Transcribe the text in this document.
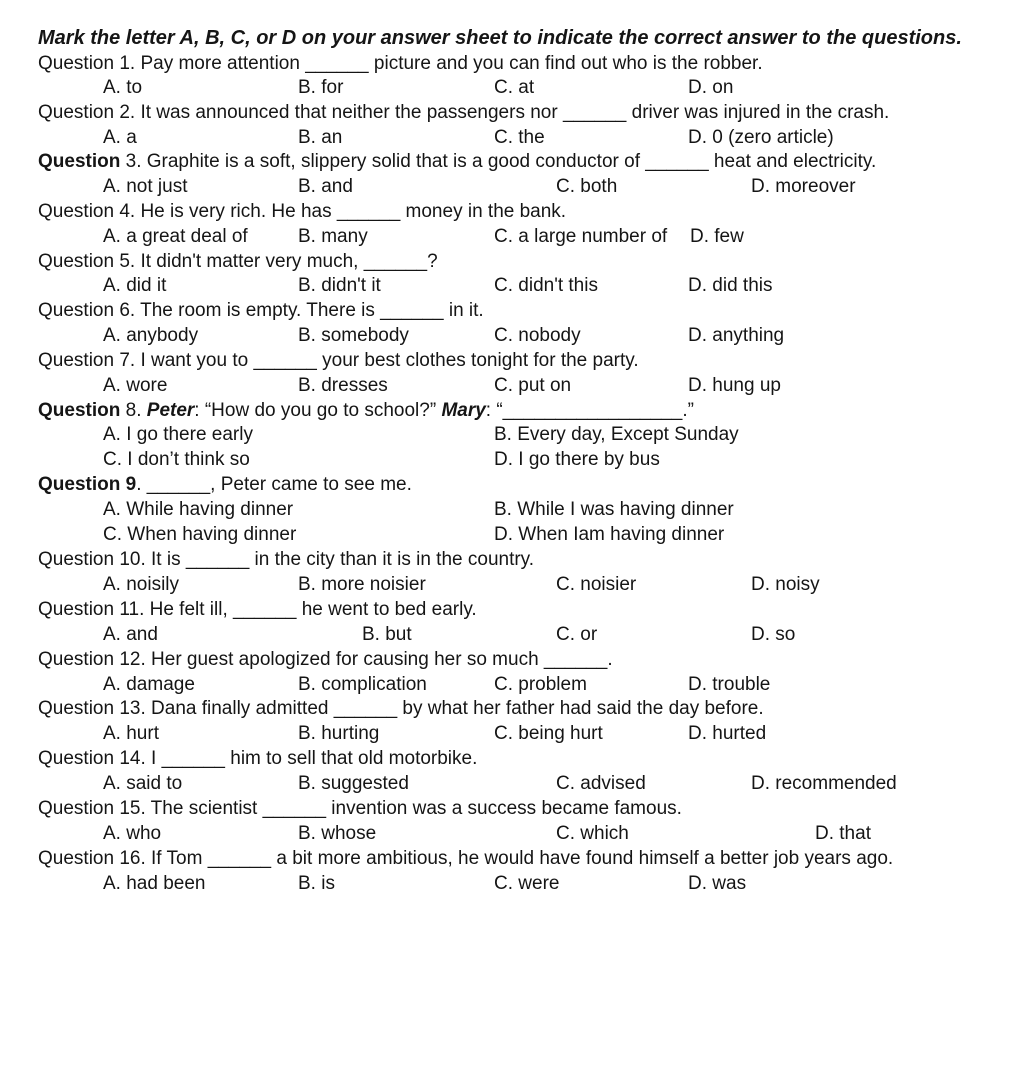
Mark the letter A, B, C, or D on your answer sheet to indicate the correct answer to the questions.
Question 1. Pay more attention ______ picture and you can find out who is the robber.
A. to	B. for	C. at	D. on
Question 2. It was announced that neither the passengers nor ______ driver was injured in the crash.
A. a	B. an	C. the	D. 0 (zero article)
Question 3. Graphite is a soft, slippery solid that is a good conductor of ______ heat and electricity.
A. not just	B. and	C. both	D. moreover
Question 4. He is very rich. He has ______ money in the bank.
A. a great deal of	B. many	C. a large number of D. few
Question 5. It didn't matter very much, ______?
A. did it	B. didn't it	C. didn't this	D. did this
Question 6. The room is empty. There is ______ in it.
A. anybody	B. somebody	C. nobody	D. anything
Question 7. I want you to ______ your best clothes tonight for the party.
A. wore	B. dresses	C. put on	D. hung up
Question 8. Peter: “How do you go to school?” Mary: “_________________.”
A. I go there early	B. Every day, Except Sunday
C. I don’t think so	D. I go there by bus
Question 9. ______, Peter came to see me.
A. While having dinner	B. While I was having dinner
C. When having dinner	D. When Iam having dinner
Question 10. It is ______ in the city than it is in the country.
A. noisily	B. more noisier	C. noisier	D. noisy
Question 11. He felt ill, ______ he went to bed early.
A. and	B. but	C. or	D. so
Question 12. Her guest apologized for causing her so much ______.
A. damage	B. complication	C. problem	D. trouble
Question 13. Dana finally admitted ______ by what her father had said the day before.
A. hurt	B. hurting	C. being hurt	D. hurted
Question 14. I ______ him to sell that old motorbike.
A. said to	B. suggested	C. advised	D. recommended
Question 15. The scientist ______ invention was a success became famous.
A. who	B. whose	C. which	D. that
Question 16. If Tom ______ a bit more ambitious, he would have found himself a better job years ago.
A. had been	B. is	C. were	D. was
